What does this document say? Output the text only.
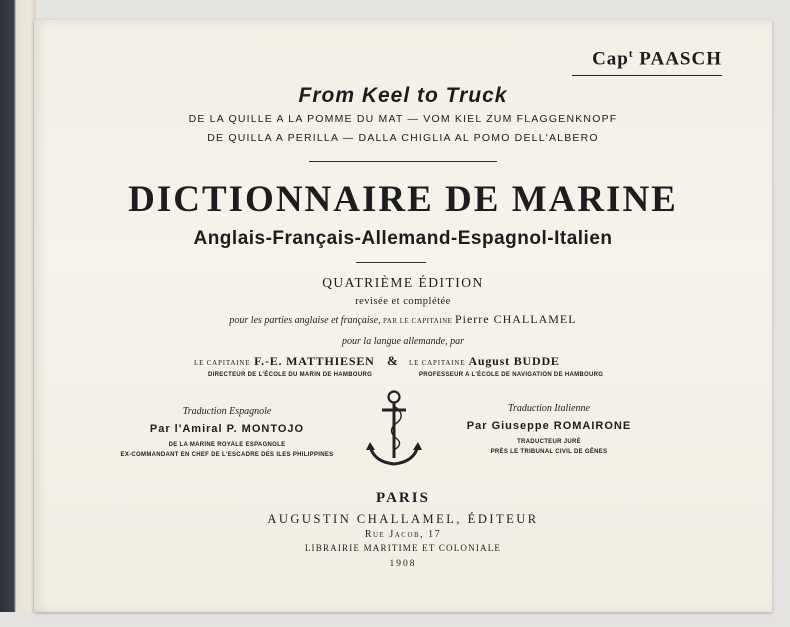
Cap$^t$ PAASCH
From Keel to Truck
DE LA QUILLE A LA POMME DU MAT — VOM KIEL ZUM FLAGGENKNOPF
DE QUILLA A PERILLA — DALLA CHIGLIA AL POMO DELL'ALBERO
DICTIONNAIRE DE MARINE
Anglais-Français-Allemand-Espagnol-Italien
QUATRIÈME ÉDITION
revisée et complétée
pour les parties anglaise et française, PAR LE CAPITAINE Pierre CHALLAMEL
pour la langue allemande, par
LE CAPITAINE F.-E. MATTHIESEN & LE CAPITAINE August BUDDE
DIRECTEUR DE L'ÉCOLE DU MARIN DE HAMBOURG	PROFESSEUR A L'ÉCOLE DE NAVIGATION DE HAMBOURG
Traduction Espagnole
Par l'Amiral P. MONTOJO
DE LA MARINE ROYALE ESPAGNOLE
EX-COMMANDANT EN CHEF DE L'ESCADRE DES ILES PHILIPPINES
Traduction Italienne
Par Giuseppe ROMAIRONE
TRADUCTEUR JURÉ
PRÈS LE TRIBUNAL CIVIL DE GÊNES
PARIS
AUGUSTIN CHALLAMEL, ÉDITEUR
Rue Jacob, 17
LIBRAIRIE MARITIME ET COLONIALE
1908
